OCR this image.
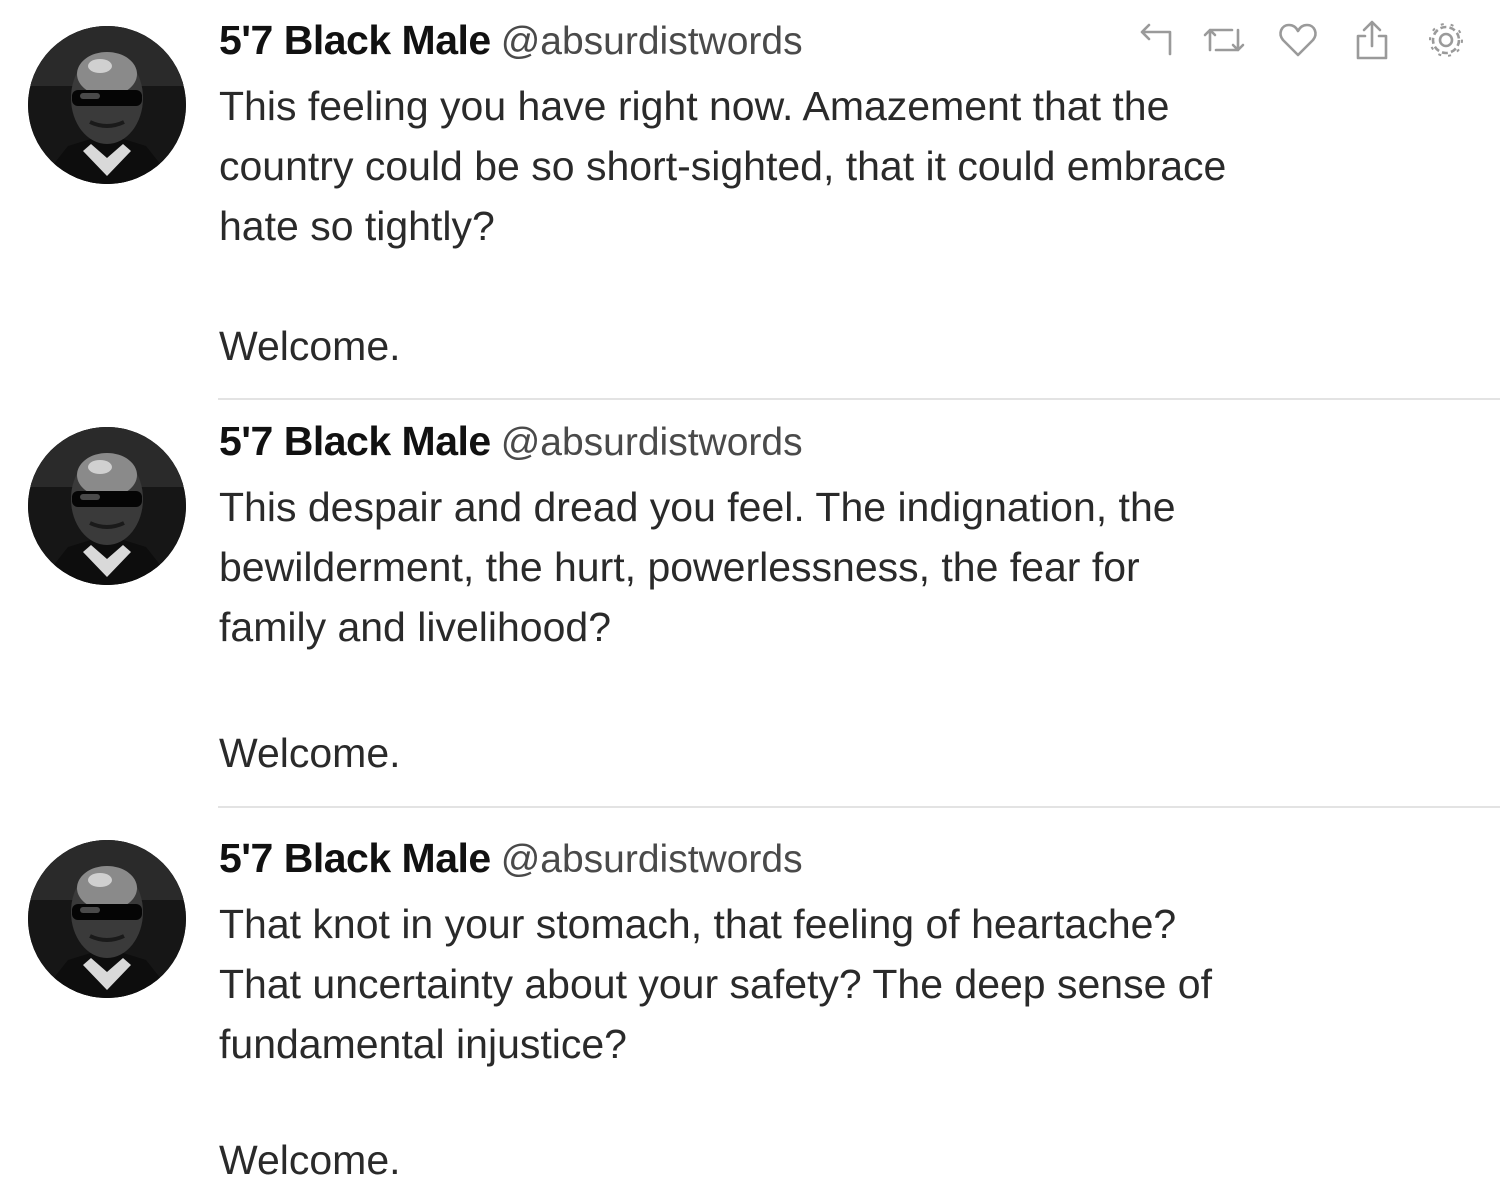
5'7 Black Male @absurdistwords
This feeling you have right now. Amazement that the
country could be so short-sighted, that it could embrace
hate so tightly?
Welcome.
5'7 Black Male @absurdistwords
This despair and dread you feel. The indignation, the
bewilderment, the hurt, powerlessness, the fear for
family and livelihood?
Welcome.
5'7 Black Male @absurdistwords
That knot in your stomach, that feeling of heartache?
That uncertainty about your safety? The deep sense of
fundamental injustice?
Welcome.
